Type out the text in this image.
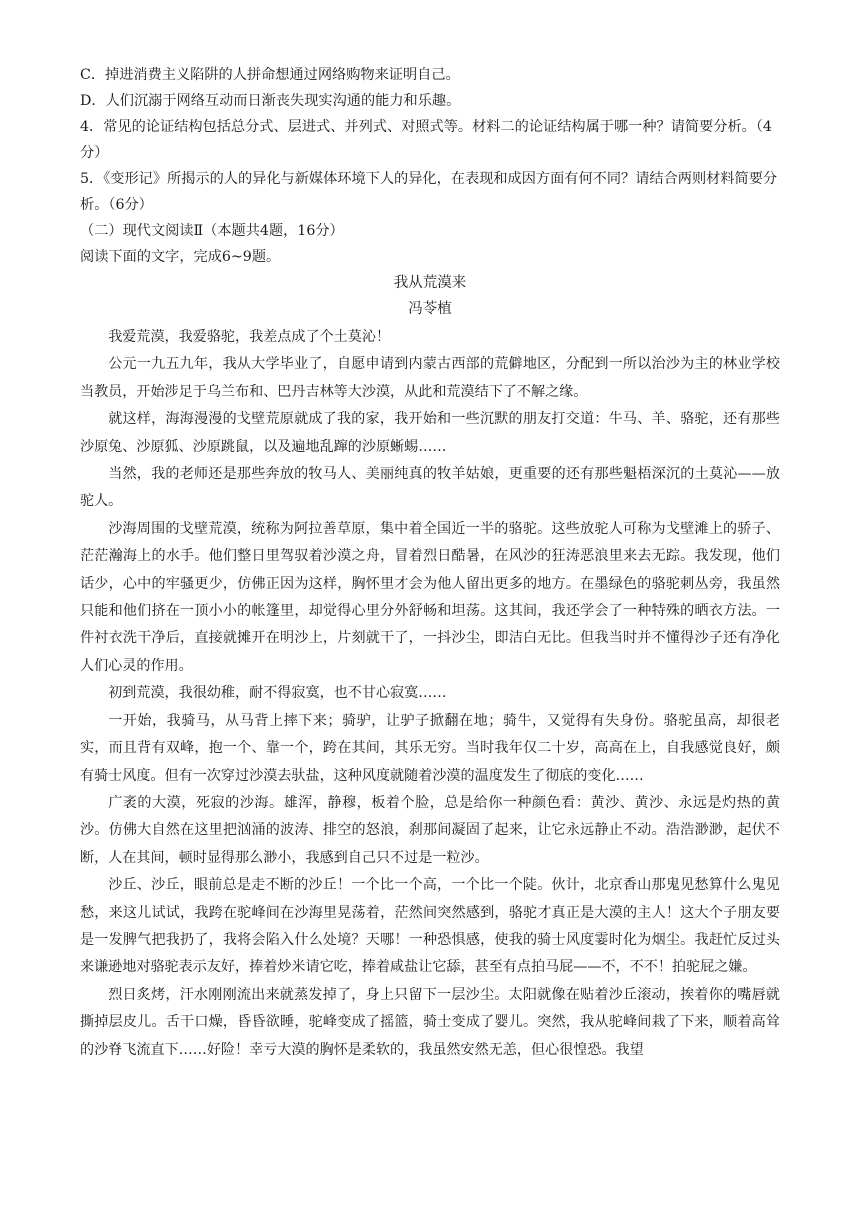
C．掉进消费主义陷阱的人拼命想通过网络购物来证明自己。

D．人们沉溺于网络互动而日渐丧失现实沟通的能力和乐趣。

4．常见的论证结构包括总分式、层进式、并列式、对照式等。材料二的论证结构属于哪一种？请简要分析。（4分）

5．《变形记》所揭示的人的异化与新媒体环境下人的异化，在表现和成因方面有何不同？请结合两则材料简要分析。（6分）

（二）现代文阅读Ⅱ（本题共4题，16分）

阅读下面的文字，完成6~9题。

我从荒漠来

冯苓植

我爱荒漠，我爱骆驼，我差点成了个土莫沁！

公元一九五九年，我从大学毕业了，自愿申请到内蒙古西部的荒僻地区，分配到一所以治沙为主的林业学校当教员，开始涉足于乌兰布和、巴丹吉林等大沙漠，从此和荒漠结下了不解之缘。

就这样，海海漫漫的戈壁荒原就成了我的家，我开始和一些沉默的朋友打交道：牛马、羊、骆驼，还有那些沙原兔、沙原狐、沙原跳鼠，以及遍地乱蹿的沙原蜥蜴……

当然，我的老师还是那些奔放的牧马人、美丽纯真的牧羊姑娘，更重要的还有那些魁梧深沉的土莫沁——放驼人。

沙海周围的戈壁荒漠，统称为阿拉善草原，集中着全国近一半的骆驼。这些放驼人可称为戈壁滩上的骄子、茫茫瀚海上的水手。他们整日里驾驭着沙漠之舟，冒着烈日酷暑，在风沙的狂涛恶浪里来去无踪。我发现，他们话少，心中的牢骚更少，仿佛正因为这样，胸怀里才会为他人留出更多的地方。在墨绿色的骆驼刺丛旁，我虽然只能和他们挤在一顶小小的帐篷里，却觉得心里分外舒畅和坦荡。这其间，我还学会了一种特殊的晒衣方法。一件衬衣洗干净后，直接就摊开在明沙上，片刻就干了，一抖沙尘，即洁白无比。但我当时并不懂得沙子还有净化人们心灵的作用。

初到荒漠，我很幼稚，耐不得寂寞，也不甘心寂寞……

一开始，我骑马，从马背上摔下来；骑驴，让驴子掀翻在地；骑牛，又觉得有失身份。骆驼虽高，却很老实，而且背有双峰，抱一个、靠一个，跨在其间，其乐无穷。当时我年仅二十岁，高高在上，自我感觉良好，颇有骑士风度。但有一次穿过沙漠去驮盐，这种风度就随着沙漠的温度发生了彻底的变化……

广袤的大漠，死寂的沙海。雄浑，静穆，板着个脸，总是给你一种颜色看：黄沙、黄沙、永远是灼热的黄沙。仿佛大自然在这里把汹涌的波涛、排空的怒浪，刹那间凝固了起来，让它永远静止不动。浩浩渺渺，起伏不断，人在其间，顿时显得那么渺小，我感到自己只不过是一粒沙。

沙丘、沙丘，眼前总是走不断的沙丘！一个比一个高，一个比一个陡。伙计，北京香山那鬼见愁算什么鬼见愁，来这儿试试，我跨在驼峰间在沙海里晃荡着，茫然间突然感到，骆驼才真正是大漠的主人！这大个子朋友要是一发脾气把我扔了，我将会陷入什么处境？天哪！一种恐惧感，使我的骑士风度霎时化为烟尘。我赶忙反过头来谦逊地对骆驼表示友好，捧着炒米请它吃，捧着咸盐让它舔，甚至有点拍马屁——不，不不！拍驼屁之嫌。

烈日炙烤，汗水刚刚流出来就蒸发掉了，身上只留下一层沙尘。太阳就像在贴着沙丘滚动，挨着你的嘴唇就撕掉层皮儿。舌干口燥，昏昏欲睡，驼峰变成了摇篮，骑士变成了婴儿。突然，我从驼峰间栽了下来，顺着高耸的沙脊飞流直下……好险！幸亏大漠的胸怀是柔软的，我虽然安然无恙，但心很惶恐。我望
